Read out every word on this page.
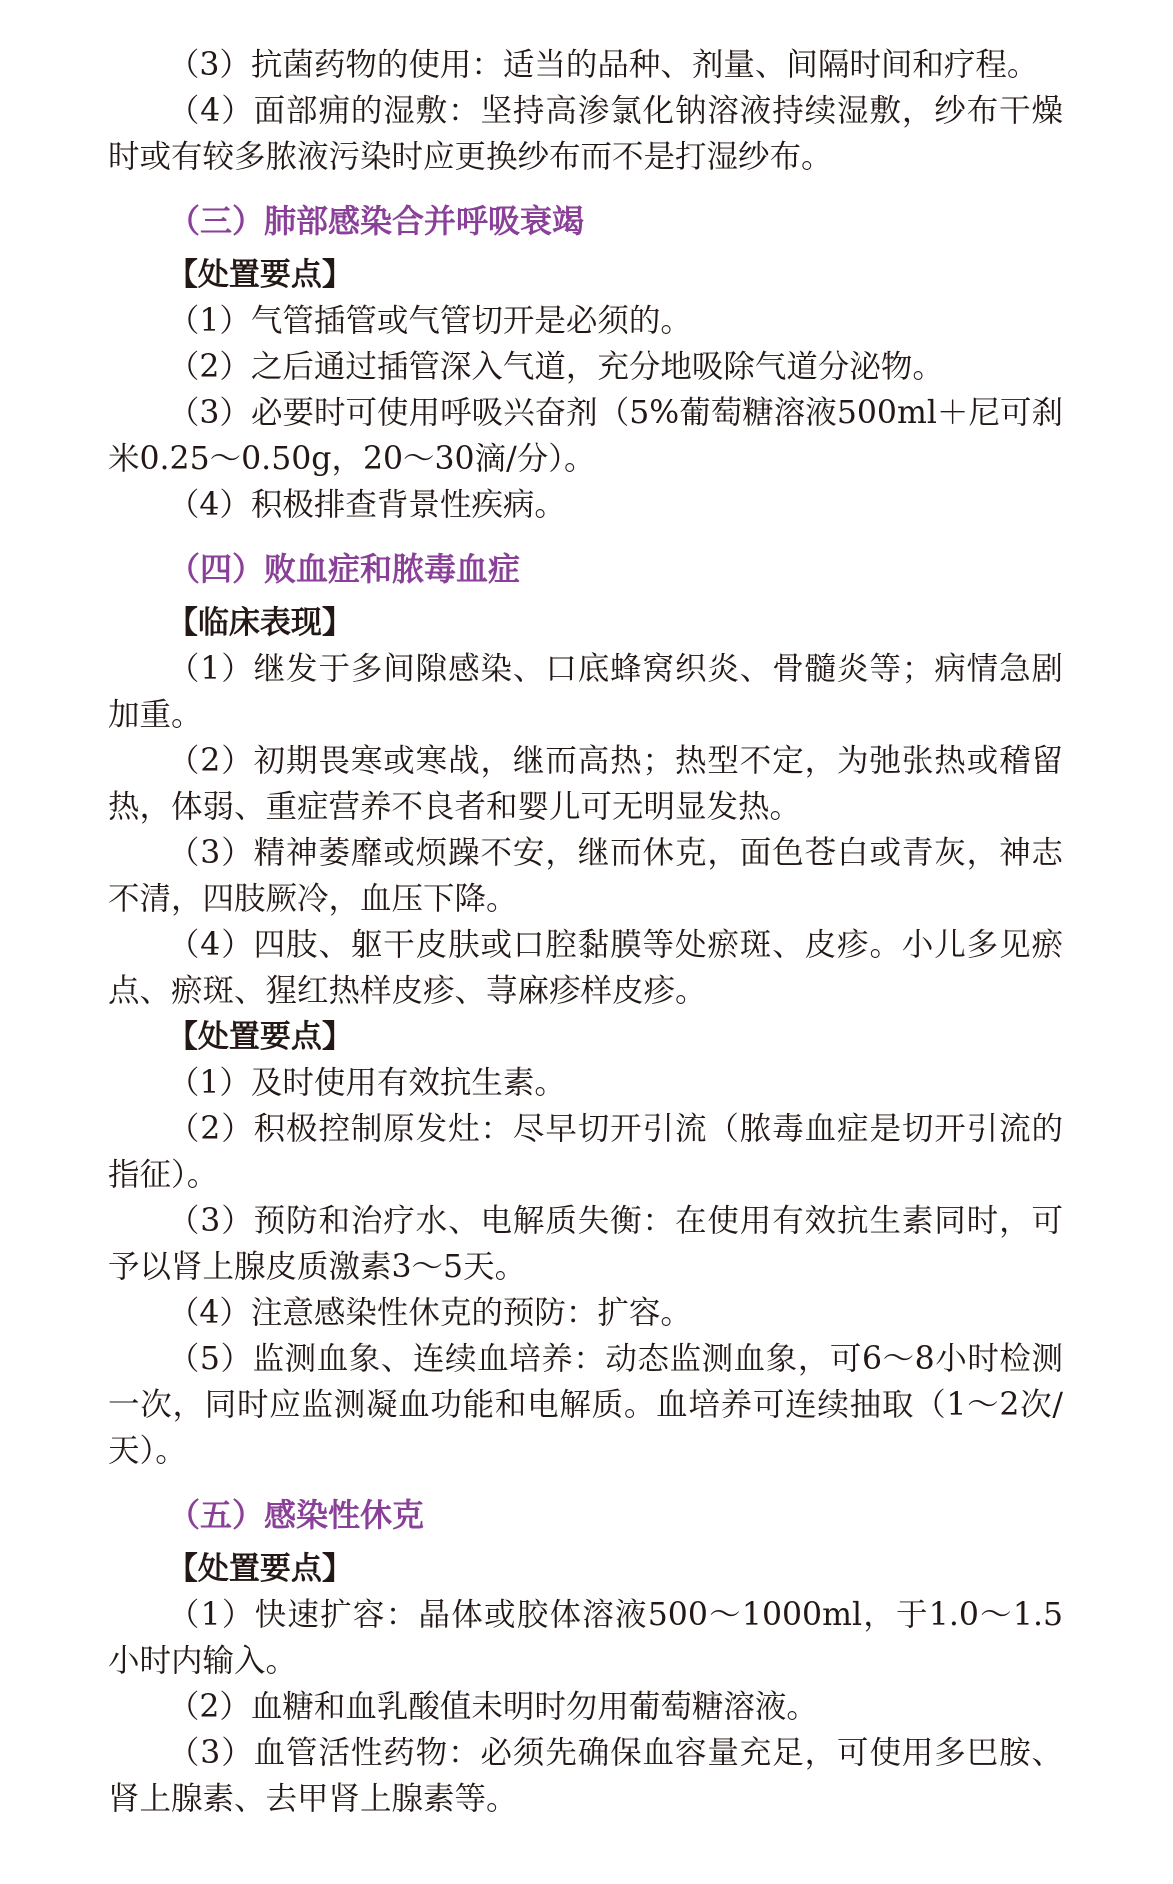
（3）抗菌药物的使用：适当的品种、剂量、间隔时间和疗程。

（4）面部痈的湿敷：坚持高渗氯化钠溶液持续湿敷，纱布干燥时或有较多脓液污染时应更换纱布而不是打湿纱布。

（三）肺部感染合并呼吸衰竭

【处置要点】

（1）气管插管或气管切开是必须的。

（2）之后通过插管深入气道，充分地吸除气道分泌物。

（3）必要时可使用呼吸兴奋剂（5%葡萄糖溶液500ml＋尼可刹米0.25～0.50g，20～30滴/分）。

（4）积极排查背景性疾病。

（四）败血症和脓毒血症

【临床表现】

（1）继发于多间隙感染、口底蜂窝织炎、骨髓炎等；病情急剧加重。

（2）初期畏寒或寒战，继而高热；热型不定，为弛张热或稽留热，体弱、重症营养不良者和婴儿可无明显发热。

（3）精神萎靡或烦躁不安，继而休克，面色苍白或青灰，神志不清，四肢厥冷，血压下降。

（4）四肢、躯干皮肤或口腔黏膜等处瘀斑、皮疹。小儿多见瘀点、瘀斑、猩红热样皮疹、荨麻疹样皮疹。

【处置要点】

（1）及时使用有效抗生素。

（2）积极控制原发灶：尽早切开引流（脓毒血症是切开引流的指征）。

（3）预防和治疗水、电解质失衡：在使用有效抗生素同时，可予以肾上腺皮质激素3～5天。

（4）注意感染性休克的预防：扩容。

（5）监测血象、连续血培养：动态监测血象，可6～8小时检测一次，同时应监测凝血功能和电解质。血培养可连续抽取（1～2次/天）。

（五）感染性休克

【处置要点】

（1）快速扩容：晶体或胶体溶液500～1000ml，于1.0～1.5小时内输入。

（2）血糖和血乳酸值未明时勿用葡萄糖溶液。

（3）血管活性药物：必须先确保血容量充足，可使用多巴胺、肾上腺素、去甲肾上腺素等。
